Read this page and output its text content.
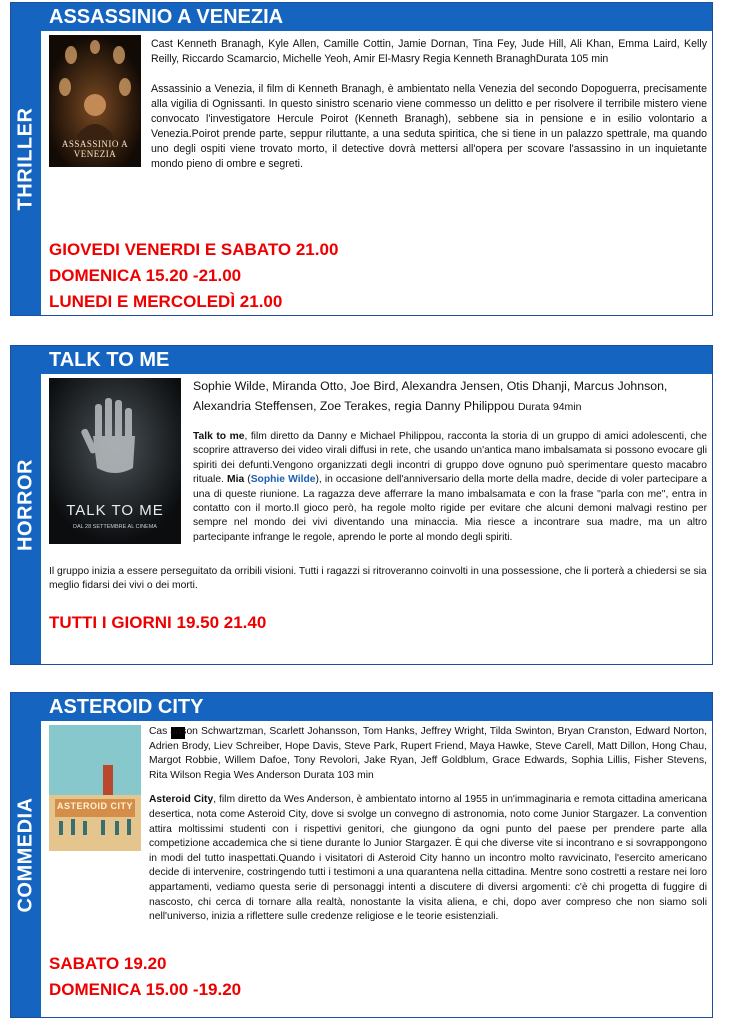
THRILLER
ASSASSINIO A VENEZIA
ASSASSINIO A VENEZIA

Cast Kenneth Branagh, Kyle Allen, Camille Cottin, Jamie Dornan, Tina Fey, Jude Hill, Ali Khan, Emma Laird, Kelly Reilly, Riccardo Scamarcio, Michelle Yeoh, Amir El-Masry Regia Kenneth BranaghDurata 105 min

Assassinio a Venezia, il film di Kenneth Branagh, è ambientato nella Venezia del secondo Dopoguerra, precisamente alla vigilia di Ognissanti. In questo sinistro scenario viene commesso un delitto e per risolvere il terribile mistero viene convocato l'investigatore Hercule Poirot (Kenneth Branagh), sebbene sia in pensione e in esilio volontario a Venezia.Poirot prende parte, seppur riluttante, a una seduta spiritica, che si tiene in un palazzo spettrale, ma quando uno degli ospiti viene trovato morto, il detective dovrà mettersi all'opera per scovare l'assassino in un inquietante mondo pieno di ombre e segreti.

GIOVEDI VENERDI E SABATO 21.00
DOMENICA 15.20 -21.00
LUNEDI E MERCOLEDÌ 21.00
HORROR
TALK TO ME
TALK TO ME
DAL 28 SETTEMBRE AL CINEMA
Sophie Wilde, Miranda Otto, Joe Bird, Alexandra Jensen, Otis Dhanji, Marcus Johnson, Alexandria Steffensen, Zoe Terakes, regia Danny Philippou Durata 94min
Talk to me, film diretto da Danny e Michael Philippou, racconta la storia di un gruppo di amici adolescenti, che scoprire attraverso dei video virali diffusi in rete, che usando un'antica mano imbalsamata si possono evocare gli spiriti dei defunti.Vengono organizzati degli incontri di gruppo dove ognuno può sperimentare questo macabro rituale. Mia (Sophie Wilde), in occasione dell'anniversario della morte della madre, decide di voler partecipare a una di queste riunione. La ragazza deve afferrare la mano imbalsamata e con la frase "parla con me", entra in contatto con il morto.Il gioco però, ha regole molto rigide per evitare che alcuni demoni malvagi restino per sempre nel mondo dei vivi diventando una minaccia. Mia riesce a incontrare sua madre, ma un altro partecipante infrange le regole, aprendo le porte al mondo degli spiriti.
Il gruppo inizia a essere perseguitato da orribili visioni. Tutti i ragazzi si ritroveranno coinvolti in una possessione, che li porterà a chiedersi se sia meglio fidarsi dei vivi o dei morti.
TUTTI I GIORNI 19.50 21.40
COMMEDIA
ASTEROID CITY
ASTEROID CITY

Cas Jason Schwartzman, Scarlett Johansson, Tom Hanks, Jeffrey Wright, Tilda Swinton, Bryan Cranston, Edward Norton, Adrien Brody, Liev Schreiber, Hope Davis, Steve Park, Rupert Friend, Maya Hawke, Steve Carell, Matt Dillon, Hong Chau, Margot Robbie, Willem Dafoe, Tony Revolori, Jake Ryan, Jeff Goldblum, Grace Edwards, Sophia Lillis, Fisher Stevens, Rita Wilson Regia Wes Anderson Durata 103 min

Asteroid City, film diretto da Wes Anderson, è ambientato intorno al 1955 in un'immaginaria e remota cittadina americana desertica, nota come Asteroid City, dove si svolge un convegno di astronomia, noto come Junior Stargazer. La convention attira moltissimi studenti con i rispettivi genitori, che giungono da ogni punto del paese per prendere parte alla competizione accademica che si tiene durante lo Junior Stargazer. È qui che diverse vite si incontrano e si sovrappongono in modi del tutto inaspettati.Quando i visitatori di Asteroid City hanno un incontro molto ravvicinato, l'esercito americano decide di intervenire, costringendo tutti i testimoni a una quarantena nella cittadina. Mentre sono costretti a restare nei loro appartamenti, vediamo questa serie di personaggi intenti a discutere di diversi argomenti: c'è chi progetta di fuggire di nascosto, chi cerca di tornare alla realtà, nonostante la visita aliena, e chi, dopo aver compreso che non siamo soli nell'universo, inizia a riflettere sulle credenze religiose e le teorie esistenziali.

SABATO 19.20
DOMENICA 15.00 -19.20
